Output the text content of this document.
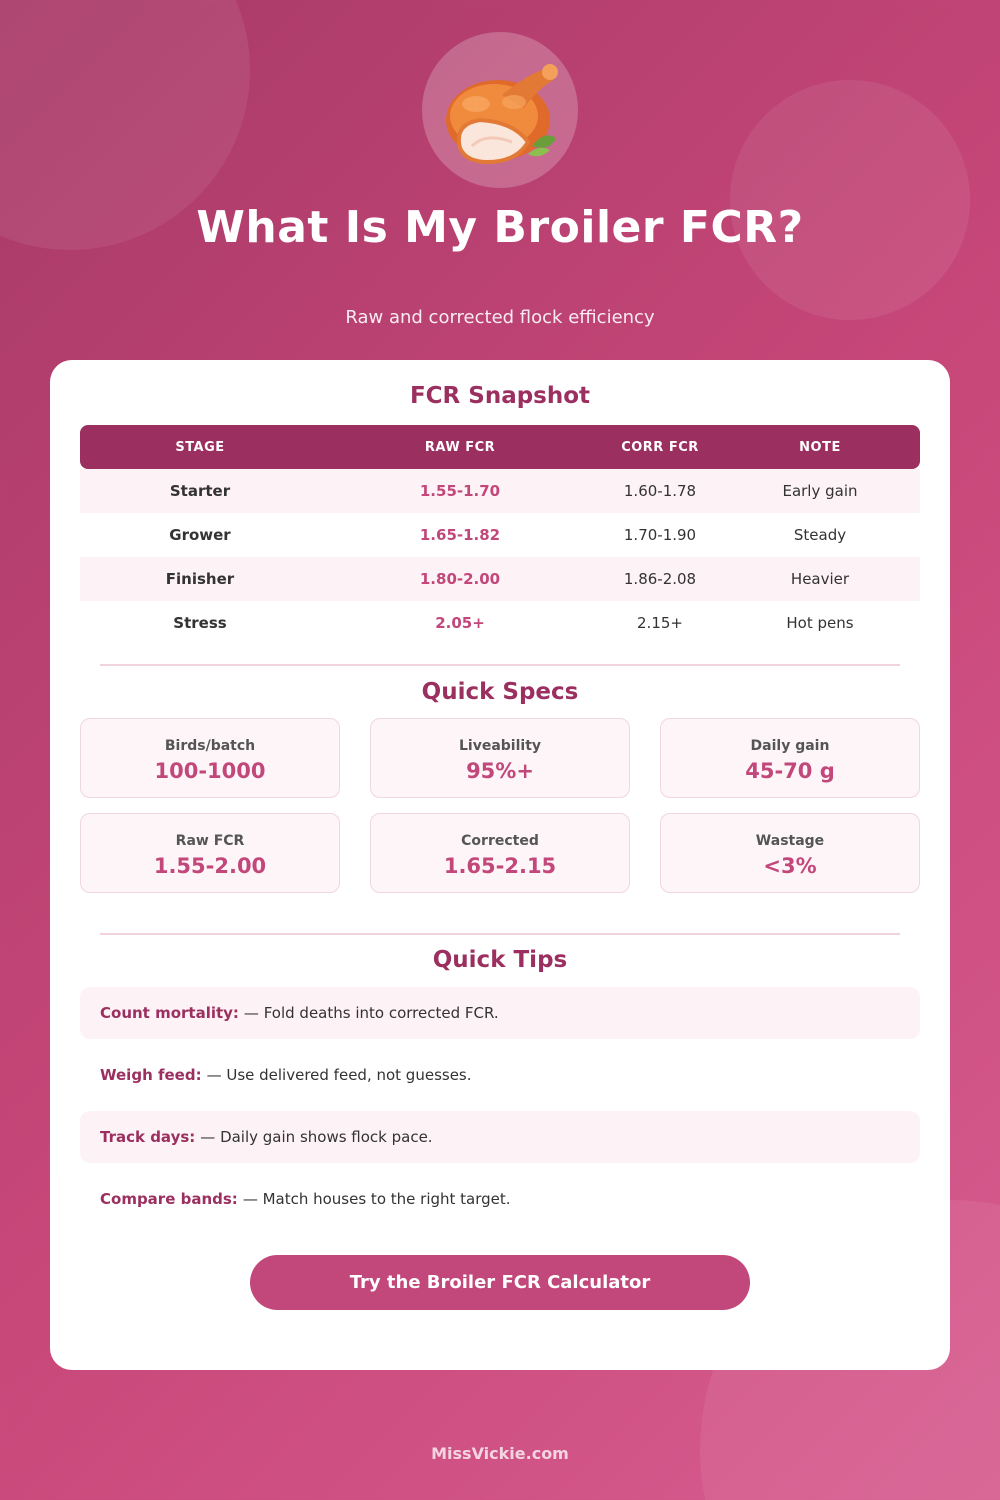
What Is My Broiler FCR?
Raw and corrected flock efficiency
FCR Snapshot
STAGE	RAW FCR	CORR FCR	NOTE
Starter	1.55-1.70	1.60-1.78	Early gain
Grower	1.65-1.82	1.70-1.90	Steady
Finisher	1.80-2.00	1.86-2.08	Heavier
Stress	2.05+	2.15+	Hot pens
Quick Specs
Birds/batch
100-1000
Liveability
95%+
Daily gain
45-70 g
Raw FCR
1.55-2.00
Corrected
1.65-2.15
Wastage
<3%
Quick Tips
Count mortality: — Fold deaths into corrected FCR.
Weigh feed: — Use delivered feed, not guesses.
Track days: — Daily gain shows flock pace.
Compare bands: — Match houses to the right target.
Try the Broiler FCR Calculator
MissVickie.com
